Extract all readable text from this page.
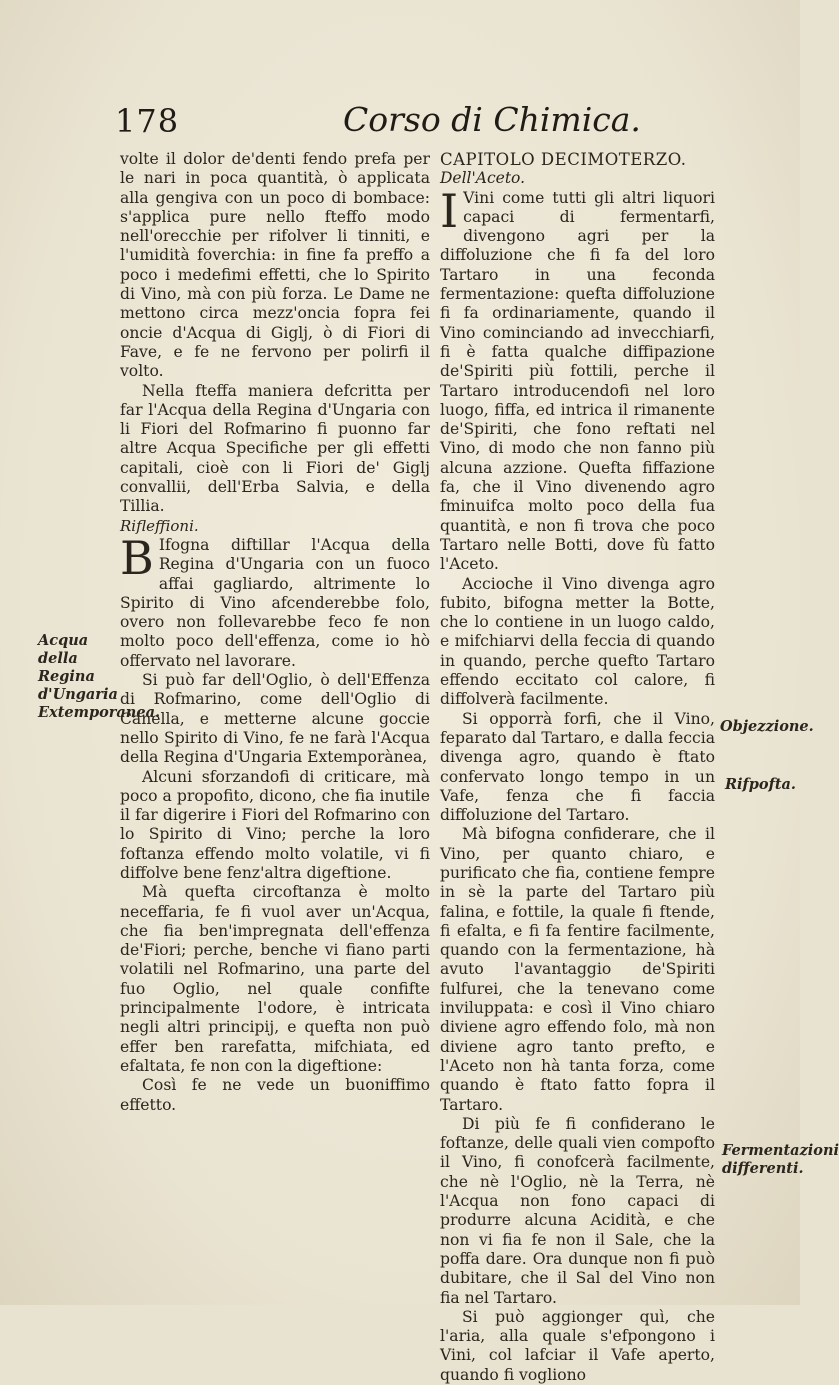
178	Corso di Chimica.

volte il dolor de'denti fendo prefa per le nari in poca quantità, ò applicata alla gengiva con un poco di bombace: s'applica pure nello fteffo modo nell'orecchie per rifolver li tinniti, e l'umidità foverchia: in fine fa preffo a poco i medefimi effetti, che lo Spirito di Vino, mà con più forza. Le Dame ne mettono circa mezz'oncia fopra fei oncie d'Acqua di Giglj, ò di Fiori di Fave, e fe ne fervono per polirfi il volto.

Nella fteffa maniera defcritta per far l'Acqua della Regina d'Ungaria con li Fiori del Rofmarino fi puonno far altre Acqua Specifiche per gli effetti capitali, cioè con li Fiori de' Giglj convallii, dell'Erba Salvia, e della Tillia.

Rifleffioni.

B Ifogna diftillar l'Acqua della Regina d'Ungaria con un fuoco affai gagliardo, altrimente lo Spirito di Vino afcenderebbe folo, overo non follevarebbe feco fe non molto poco dell'effenza, come io hò offervato nel lavorare.

Si può far dell'Oglio, ò dell'Effenza di Rofmarino, come dell'Oglio di Canella, e metterne alcune goccie nello Spirito di Vino, fe ne farà l'Acqua della Regina d'Ungaria Extemporànea,

Alcuni sforzandofi di criticare, mà poco a propofito, dicono, che fia inutile il far digerire i Fiori del Rofmarino con lo Spirito di Vino; perche la loro foftanza effendo molto volatile, vi fi diffolve bene fenz'altra digeftione.

Mà quefta circoftanza è molto neceffaria, fe fi vuol aver un'Acqua, che fia ben'impregnata dell'effenza de'Fiori; perche, benche vi fiano parti volatili nel Rofmarino, una parte del fuo Oglio, nel quale confifte principalmente l'odore, è intricata negli altri principij, e quefta non può effer ben rarefatta, mifchiata, ed efaltata, fe non con la digeftione:

Così fe ne vede un buoniffimo effetto.

CAPITOLO DECIMOTERZO.

Dell'Aceto.

I Vini come tutti gli altri liquori capaci di fermentarfi, divengono agri per la diffoluzione che fi fa del loro Tartaro in una feconda fermentazione: quefta diffoluzione fi fa ordinariamente, quando il Vino cominciando ad invecchiarfi, fi è fatta qualche diffipazione de'Spiriti più fottili, perche il Tartaro introducendofi nel loro luogo, fiffa, ed intrica il rimanente de'Spiriti, che fono reftati nel Vino, di modo che non fanno più alcuna azzione. Quefta fiffazione fa, che il Vino divenendo agro fminuifca molto poco della fua quantità, e non fi trova che poco Tartaro nelle Botti, dove fù fatto l'Aceto.

Accioche il Vino divenga agro fubito, bifogna metter la Botte, che lo contiene in un luogo caldo, e mifchiarvi della feccia di quando in quando, perche quefto Tartaro effendo eccitato col calore, fi diffolverà facilmente.

Si opporrà forfi, che il Vino, feparato dal Tartaro, e dalla feccia divenga agro, quando è ftato confervato longo tempo in un Vafe, fenza che fi faccia diffoluzione del Tartaro.

Mà bifogna confiderare, che il Vino, per quanto chiaro, e purificato che fia, contiene fempre in sè la parte del Tartaro più falina, e fottile, la quale fi ftende, fi efalta, e fi fa fentire facilmente, quando con la fermentazione, hà avuto l'avantaggio de'Spiriti fulfurei, che la tenevano come inviluppata: e così il Vino chiaro diviene agro effendo folo, mà non diviene agro tanto prefto, e l'Aceto non hà tanta forza, come quando è ftato fatto fopra il Tartaro.

Di più fe fi confiderano le foftanze, delle quali vien compofto il Vino, fi conofcerà facilmente, che nè l'Oglio, nè la Terra, nè l'Acqua non fono capaci di produrre alcuna Acidità, e che non vi fia fe non il Sale, che la poffa dare. Ora dunque non fi può dubitare, che il Sal del Vino non fia nel Tartaro.

Si può aggionger quì, che l'aria, alla quale s'efpongono i Vini, col lafciar il Vafe aperto, quando fi vogliono

Acqua della Regina d'Ungaria Extemporanea.
Objezzione.
Rifpofta.
Fermentazioni differenti.
